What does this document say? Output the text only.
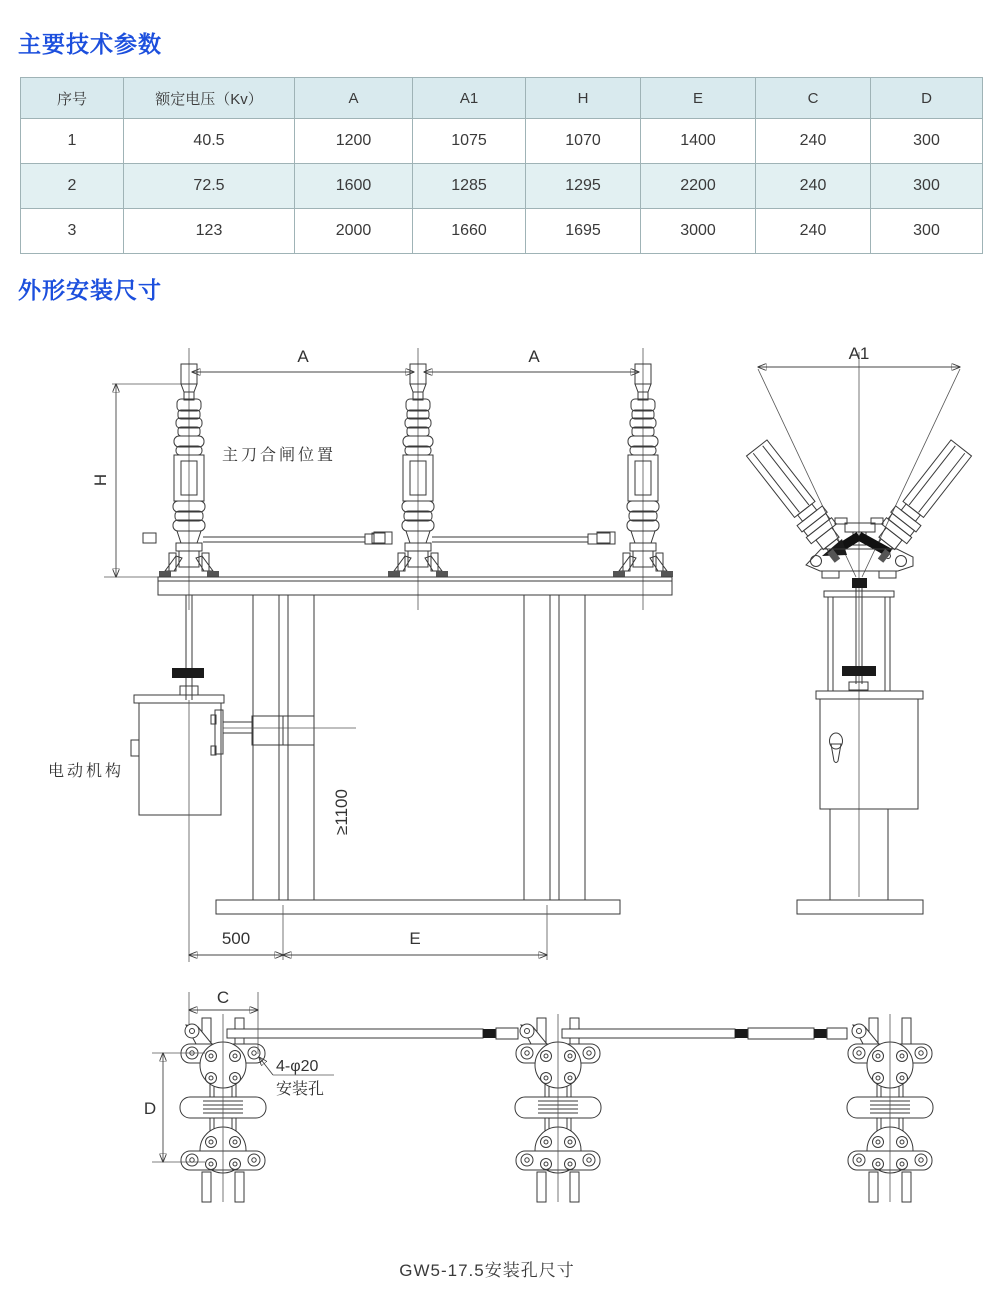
主要技术参数
序号	额定电压（Kv）	A	A1	H	E	C	D
1	40.5	1200	1075	1070	1400	240	300
2	72.5	1600	1285	1295	2200	240	300
3	123	2000	1660	1695	3000	240	300
外形安装尺寸
A	A
H
主刀合闸位置
电动机构
≥1100
500	E
A1
C
D
4-φ20
安装孔
GW5-17.5安装孔尺寸
